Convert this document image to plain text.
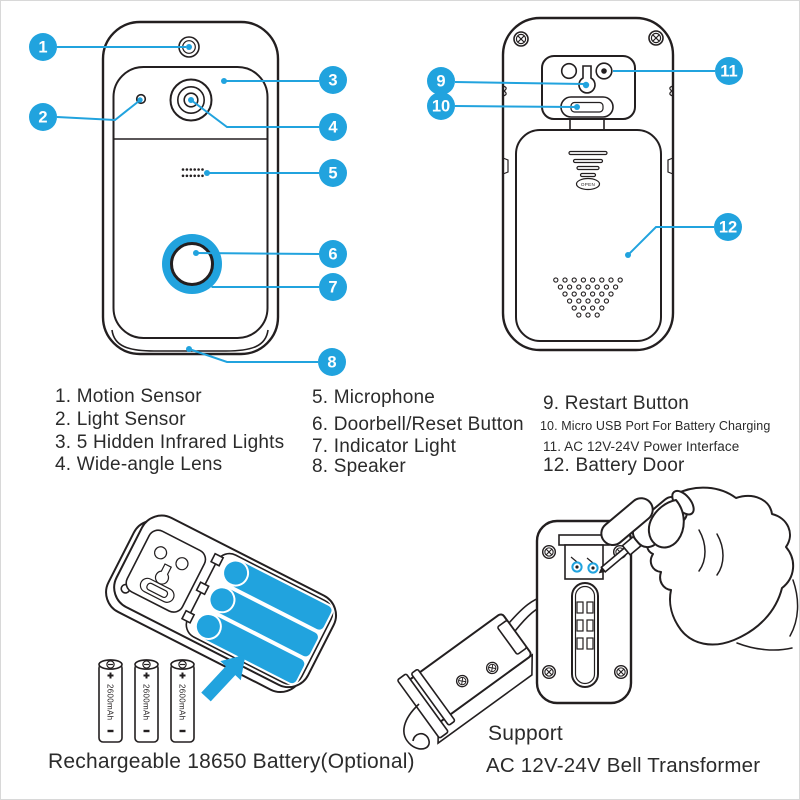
2600mAh
OPEN
1
2
3
4
5
6
7
8
9
10
11
12
1. Motion Sensor
2. Light Sensor
3. 5 Hidden Infrared Lights
4. Wide-angle Lens
5. Microphone
6. Doorbell/Reset Button
7. Indicator Light
8. Speaker
9. Restart Button
10. Micro USB Port For Battery Charging
11. AC 12V-24V Power Interface
12. Battery Door
Rechargeable 18650 Battery(Optional)
Support
AC 12V-24V Bell Transformer
